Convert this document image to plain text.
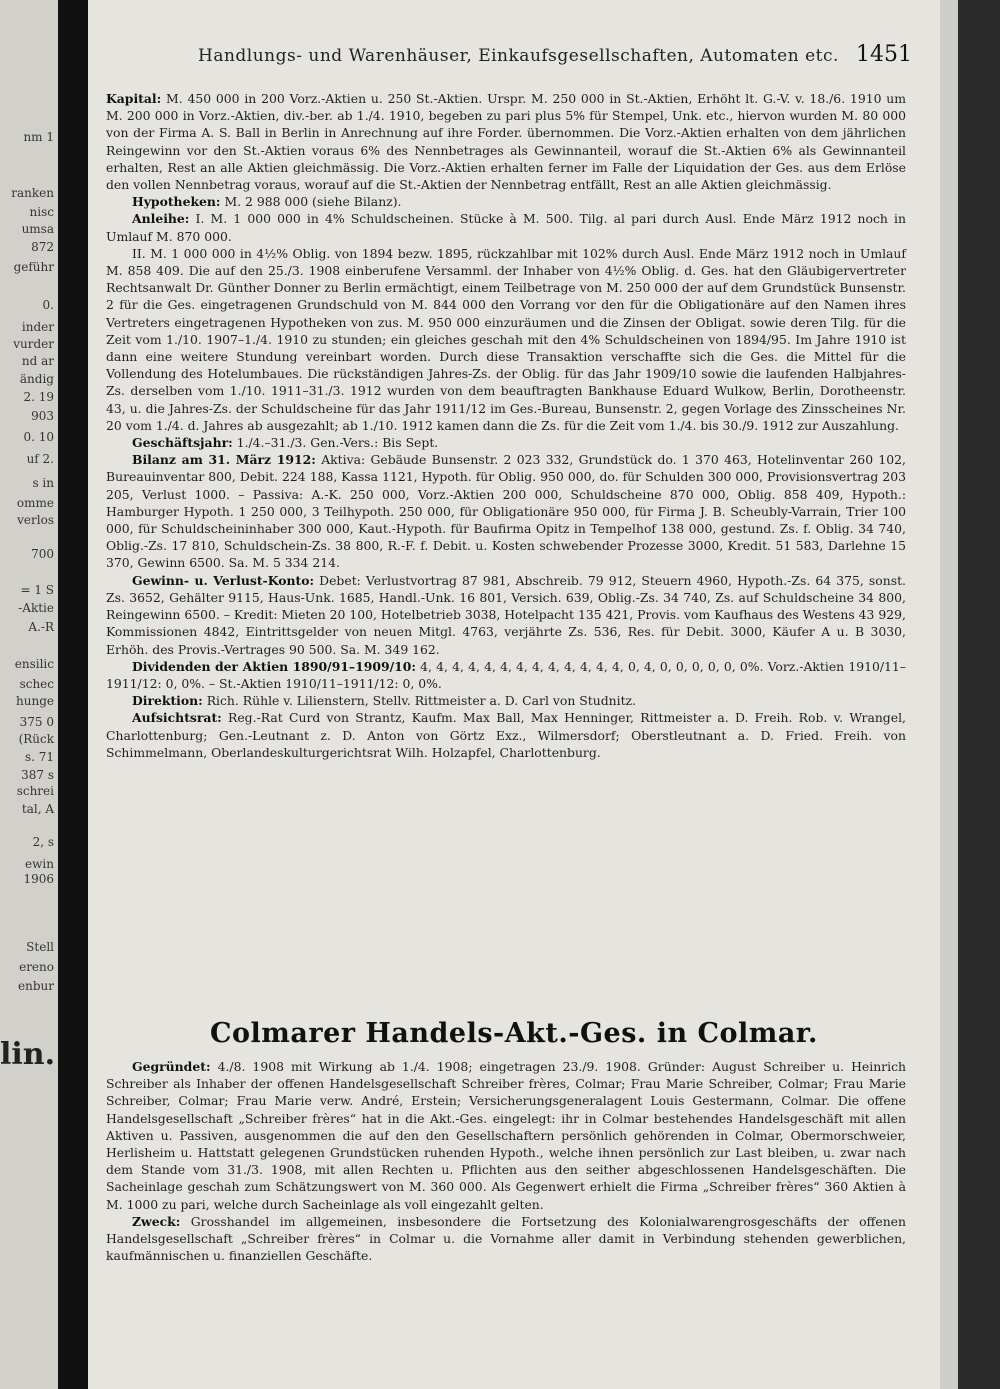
lin.
nm 1
ranken
nisc
umsa
872
geführ
0.
inder
vurder
nd ar
ändig
2. 19
903
0. 10
uf 2.
s in
omme
verlos
700
= 1 S
-Aktie
A.-R
ensilic
schec
hunge
375 0
(Rück
s. 71
387 s
schrei
tal, A
2, s
ewin
1906
Stell
ereno
enbur
Handlungs- und Warenhäuser, Einkaufsgesellschaften, Automaten etc. 1451

Kapital: M. 450 000 in 200 Vorz.-Aktien u. 250 St.-Aktien. Urspr. M. 250 000 in St.-Aktien, Erhöht lt. G.-V. v. 18./6. 1910 um M. 200 000 in Vorz.-Aktien, div.-ber. ab 1./4. 1910, begeben zu pari plus 5% für Stempel, Unk. etc., hiervon wurden M. 80 000 von der Firma A. S. Ball in Berlin in Anrechnung auf ihre Forder. übernommen. Die Vorz.-Aktien erhalten von dem jährlichen Reingewinn vor den St.-Aktien voraus 6% des Nennbetrages als Gewinnanteil, worauf die St.-Aktien 6% als Gewinnanteil erhalten, Rest an alle Aktien gleichmässig. Die Vorz.-Aktien erhalten ferner im Falle der Liquidation der Ges. aus dem Erlöse den vollen Nennbetrag voraus, worauf auf die St.-Aktien der Nennbetrag entfällt, Rest an alle Aktien gleichmässig.

Hypotheken: M. 2 988 000 (siehe Bilanz).

Anleihe: I. M. 1 000 000 in 4% Schuldscheinen. Stücke à M. 500. Tilg. al pari durch Ausl. Ende März 1912 noch in Umlauf M. 870 000.

II. M. 1 000 000 in 4½% Oblig. von 1894 bezw. 1895, rückzahlbar mit 102% durch Ausl. Ende März 1912 noch in Umlauf M. 858 409. Die auf den 25./3. 1908 einberufene Versamml. der Inhaber von 4½% Oblig. d. Ges. hat den Gläubigervertreter Rechtsanwalt Dr. Günther Donner zu Berlin ermächtigt, einem Teilbetrage von M. 250 000 der auf dem Grundstück Bunsenstr. 2 für die Ges. eingetragenen Grundschuld von M. 844 000 den Vorrang vor den für die Obligationäre auf den Namen ihres Vertreters eingetragenen Hypotheken von zus. M. 950 000 einzuräumen und die Zinsen der Obligat. sowie deren Tilg. für die Zeit vom 1./10. 1907–1./4. 1910 zu stunden; ein gleiches geschah mit den 4% Schuldscheinen von 1894/95. Im Jahre 1910 ist dann eine weitere Stundung vereinbart worden. Durch diese Transaktion verschaffte sich die Ges. die Mittel für die Vollendung des Hotelumbaues. Die rückständigen Jahres-Zs. der Oblig. für das Jahr 1909/10 sowie die laufenden Halbjahres-Zs. derselben vom 1./10. 1911–31./3. 1912 wurden von dem beauftragten Bankhause Eduard Wulkow, Berlin, Dorotheenstr. 43, u. die Jahres-Zs. der Schuldscheine für das Jahr 1911/12 im Ges.-Bureau, Bunsenstr. 2, gegen Vorlage des Zinsscheines Nr. 20 vom 1./4. d. Jahres ab ausgezahlt; ab 1./10. 1912 kamen dann die Zs. für die Zeit vom 1./4. bis 30./9. 1912 zur Auszahlung.

Geschäftsjahr: 1./4.–31./3. Gen.-Vers.: Bis Sept.

Bilanz am 31. März 1912: Aktiva: Gebäude Bunsenstr. 2 023 332, Grundstück do. 1 370 463, Hotelinventar 260 102, Bureauinventar 800, Debit. 224 188, Kassa 1121, Hypoth. für Oblig. 950 000, do. für Schulden 300 000, Provisionsvertrag 203 205, Verlust 1000. – Passiva: A.-K. 250 000, Vorz.-Aktien 200 000, Schuldscheine 870 000, Oblig. 858 409, Hypoth.: Hamburger Hypoth. 1 250 000, 3 Teilhypoth. 250 000, für Obligationäre 950 000, für Firma J. B. Scheubly-Varrain, Trier 100 000, für Schuldscheininhaber 300 000, Kaut.-Hypoth. für Baufirma Opitz in Tempelhof 138 000, gestund. Zs. f. Oblig. 34 740, Oblig.-Zs. 17 810, Schuldschein-Zs. 38 800, R.-F. f. Debit. u. Kosten schwebender Prozesse 3000, Kredit. 51 583, Darlehne 15 370, Gewinn 6500. Sa. M. 5 334 214.

Gewinn- u. Verlust-Konto: Debet: Verlustvortrag 87 981, Abschreib. 79 912, Steuern 4960, Hypoth.-Zs. 64 375, sonst. Zs. 3652, Gehälter 9115, Haus-Unk. 1685, Handl.-Unk. 16 801, Versich. 639, Oblig.-Zs. 34 740, Zs. auf Schuldscheine 34 800, Reingewinn 6500. – Kredit: Mieten 20 100, Hotelbetrieb 3038, Hotelpacht 135 421, Provis. vom Kaufhaus des Westens 43 929, Kommissionen 4842, Eintrittsgelder von neuen Mitgl. 4763, verjährte Zs. 536, Res. für Debit. 3000, Käufer A u. B 3030, Erhöh. des Provis.-Vertrages 90 500. Sa. M. 349 162.

Dividenden der Aktien 1890/91–1909/10: 4, 4, 4, 4, 4, 4, 4, 4, 4, 4, 4, 4, 4, 0, 4, 0, 0, 0, 0, 0, 0%. Vorz.-Aktien 1910/11–1911/12: 0, 0%. – St.-Aktien 1910/11–1911/12: 0, 0%.

Direktion: Rich. Rühle v. Lilienstern, Stellv. Rittmeister a. D. Carl von Studnitz.

Aufsichtsrat: Reg.-Rat Curd von Strantz, Kaufm. Max Ball, Max Henninger, Rittmeister a. D. Freih. Rob. v. Wrangel, Charlottenburg; Gen.-Leutnant z. D. Anton von Görtz Exz., Wilmersdorf; Oberstleutnant a. D. Fried. Freih. von Schimmelmann, Oberlandeskulturgerichtsrat Wilh. Holzapfel, Charlottenburg.

Colmarer Handels-Akt.-Ges. in Colmar.

Gegründet: 4./8. 1908 mit Wirkung ab 1./4. 1908; eingetragen 23./9. 1908. Gründer: August Schreiber u. Heinrich Schreiber als Inhaber der offenen Handelsgesellschaft Schreiber frères, Colmar; Frau Marie Schreiber, Colmar; Frau Marie Schreiber, Colmar; Frau Marie verw. André, Erstein; Versicherungsgeneralagent Louis Gestermann, Colmar. Die offene Handelsgesellschaft „Schreiber frères“ hat in die Akt.-Ges. eingelegt: ihr in Colmar bestehendes Handelsgeschäft mit allen Aktiven u. Passiven, ausgenommen die auf den den Gesellschaftern persönlich gehörenden in Colmar, Obermorschweier, Herlisheim u. Hattstatt gelegenen Grundstücken ruhenden Hypoth., welche ihnen persönlich zur Last bleiben, u. zwar nach dem Stande vom 31./3. 1908, mit allen Rechten u. Pflichten aus den seither abgeschlossenen Handelsgeschäften. Die Sacheinlage geschah zum Schätzungswert von M. 360 000. Als Gegenwert erhielt die Firma „Schreiber frères“ 360 Aktien à M. 1000 zu pari, welche durch Sacheinlage als voll eingezahlt gelten.

Zweck: Grosshandel im allgemeinen, insbesondere die Fortsetzung des Kolonialwarengrosgeschäfts der offenen Handelsgesellschaft „Schreiber frères“ in Colmar u. die Vornahme aller damit in Verbindung stehenden gewerblichen, kaufmännischen u. finanziellen Geschäfte.
